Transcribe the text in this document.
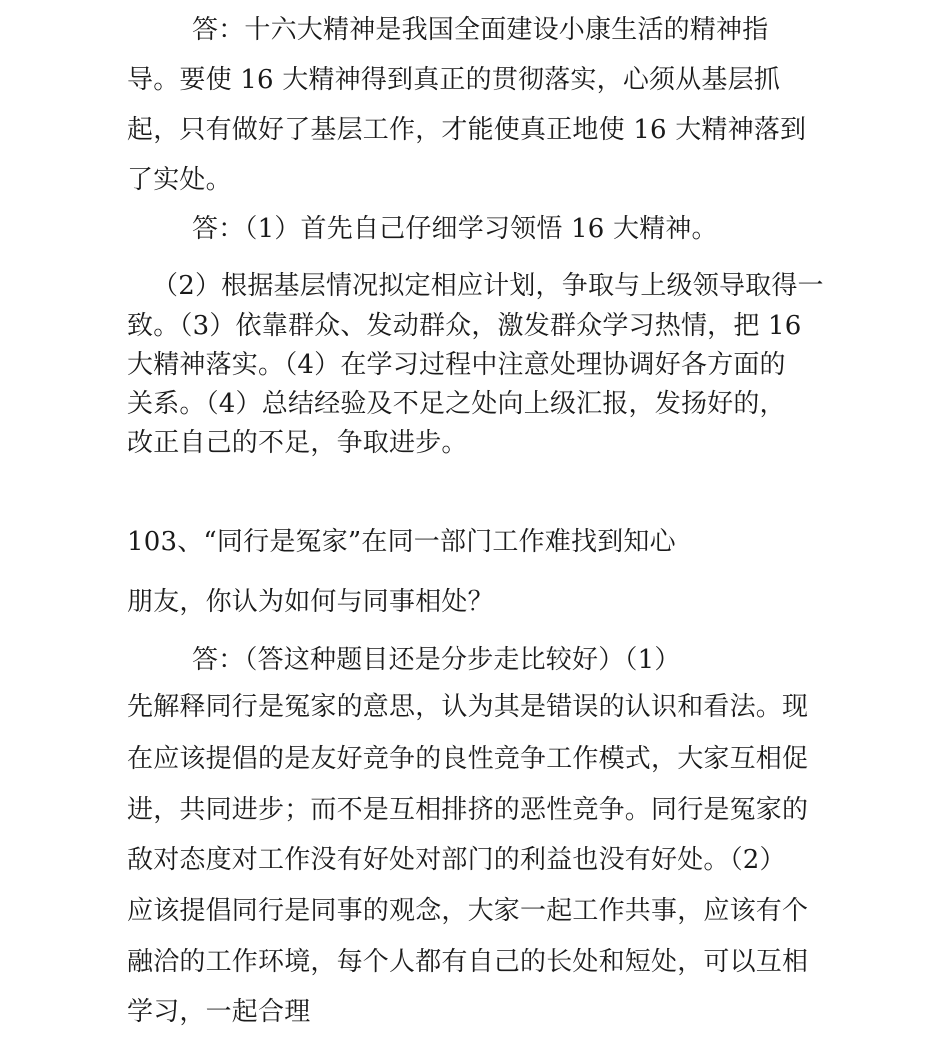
答：十六大精神是我国全面建设小康生活的精神指
导。要使 16 大精神得到真正的贯彻落实，心须从基层抓
起，只有做好了基层工作，才能使真正地使 16 大精神落到
了实处。
答：（1）首先自己仔细学习领悟 16 大精神。
（2）根据基层情况拟定相应计划，争取与上级领导取得一
致。（3）依靠群众、发动群众，激发群众学习热情，把 16
大精神落实。（4）在学习过程中注意处理协调好各方面的
关系。（4）总结经验及不足之处向上级汇报，发扬好的，
改正自己的不足，争取进步。
103、“同行是冤家”在同一部门工作难找到知心
朋友，你认为如何与同事相处？
答：（答这种题目还是分步走比较好）（1）
先解释同行是冤家的意思，认为其是错误的认识和看法。现
在应该提倡的是友好竞争的良性竞争工作模式，大家互相促
进，共同进步；而不是互相排挤的恶性竞争。同行是冤家的
敌对态度对工作没有好处对部门的利益也没有好处。（2）
应该提倡同行是同事的观念，大家一起工作共事，应该有个
融洽的工作环境，每个人都有自己的长处和短处，可以互相
学习，一起合理
